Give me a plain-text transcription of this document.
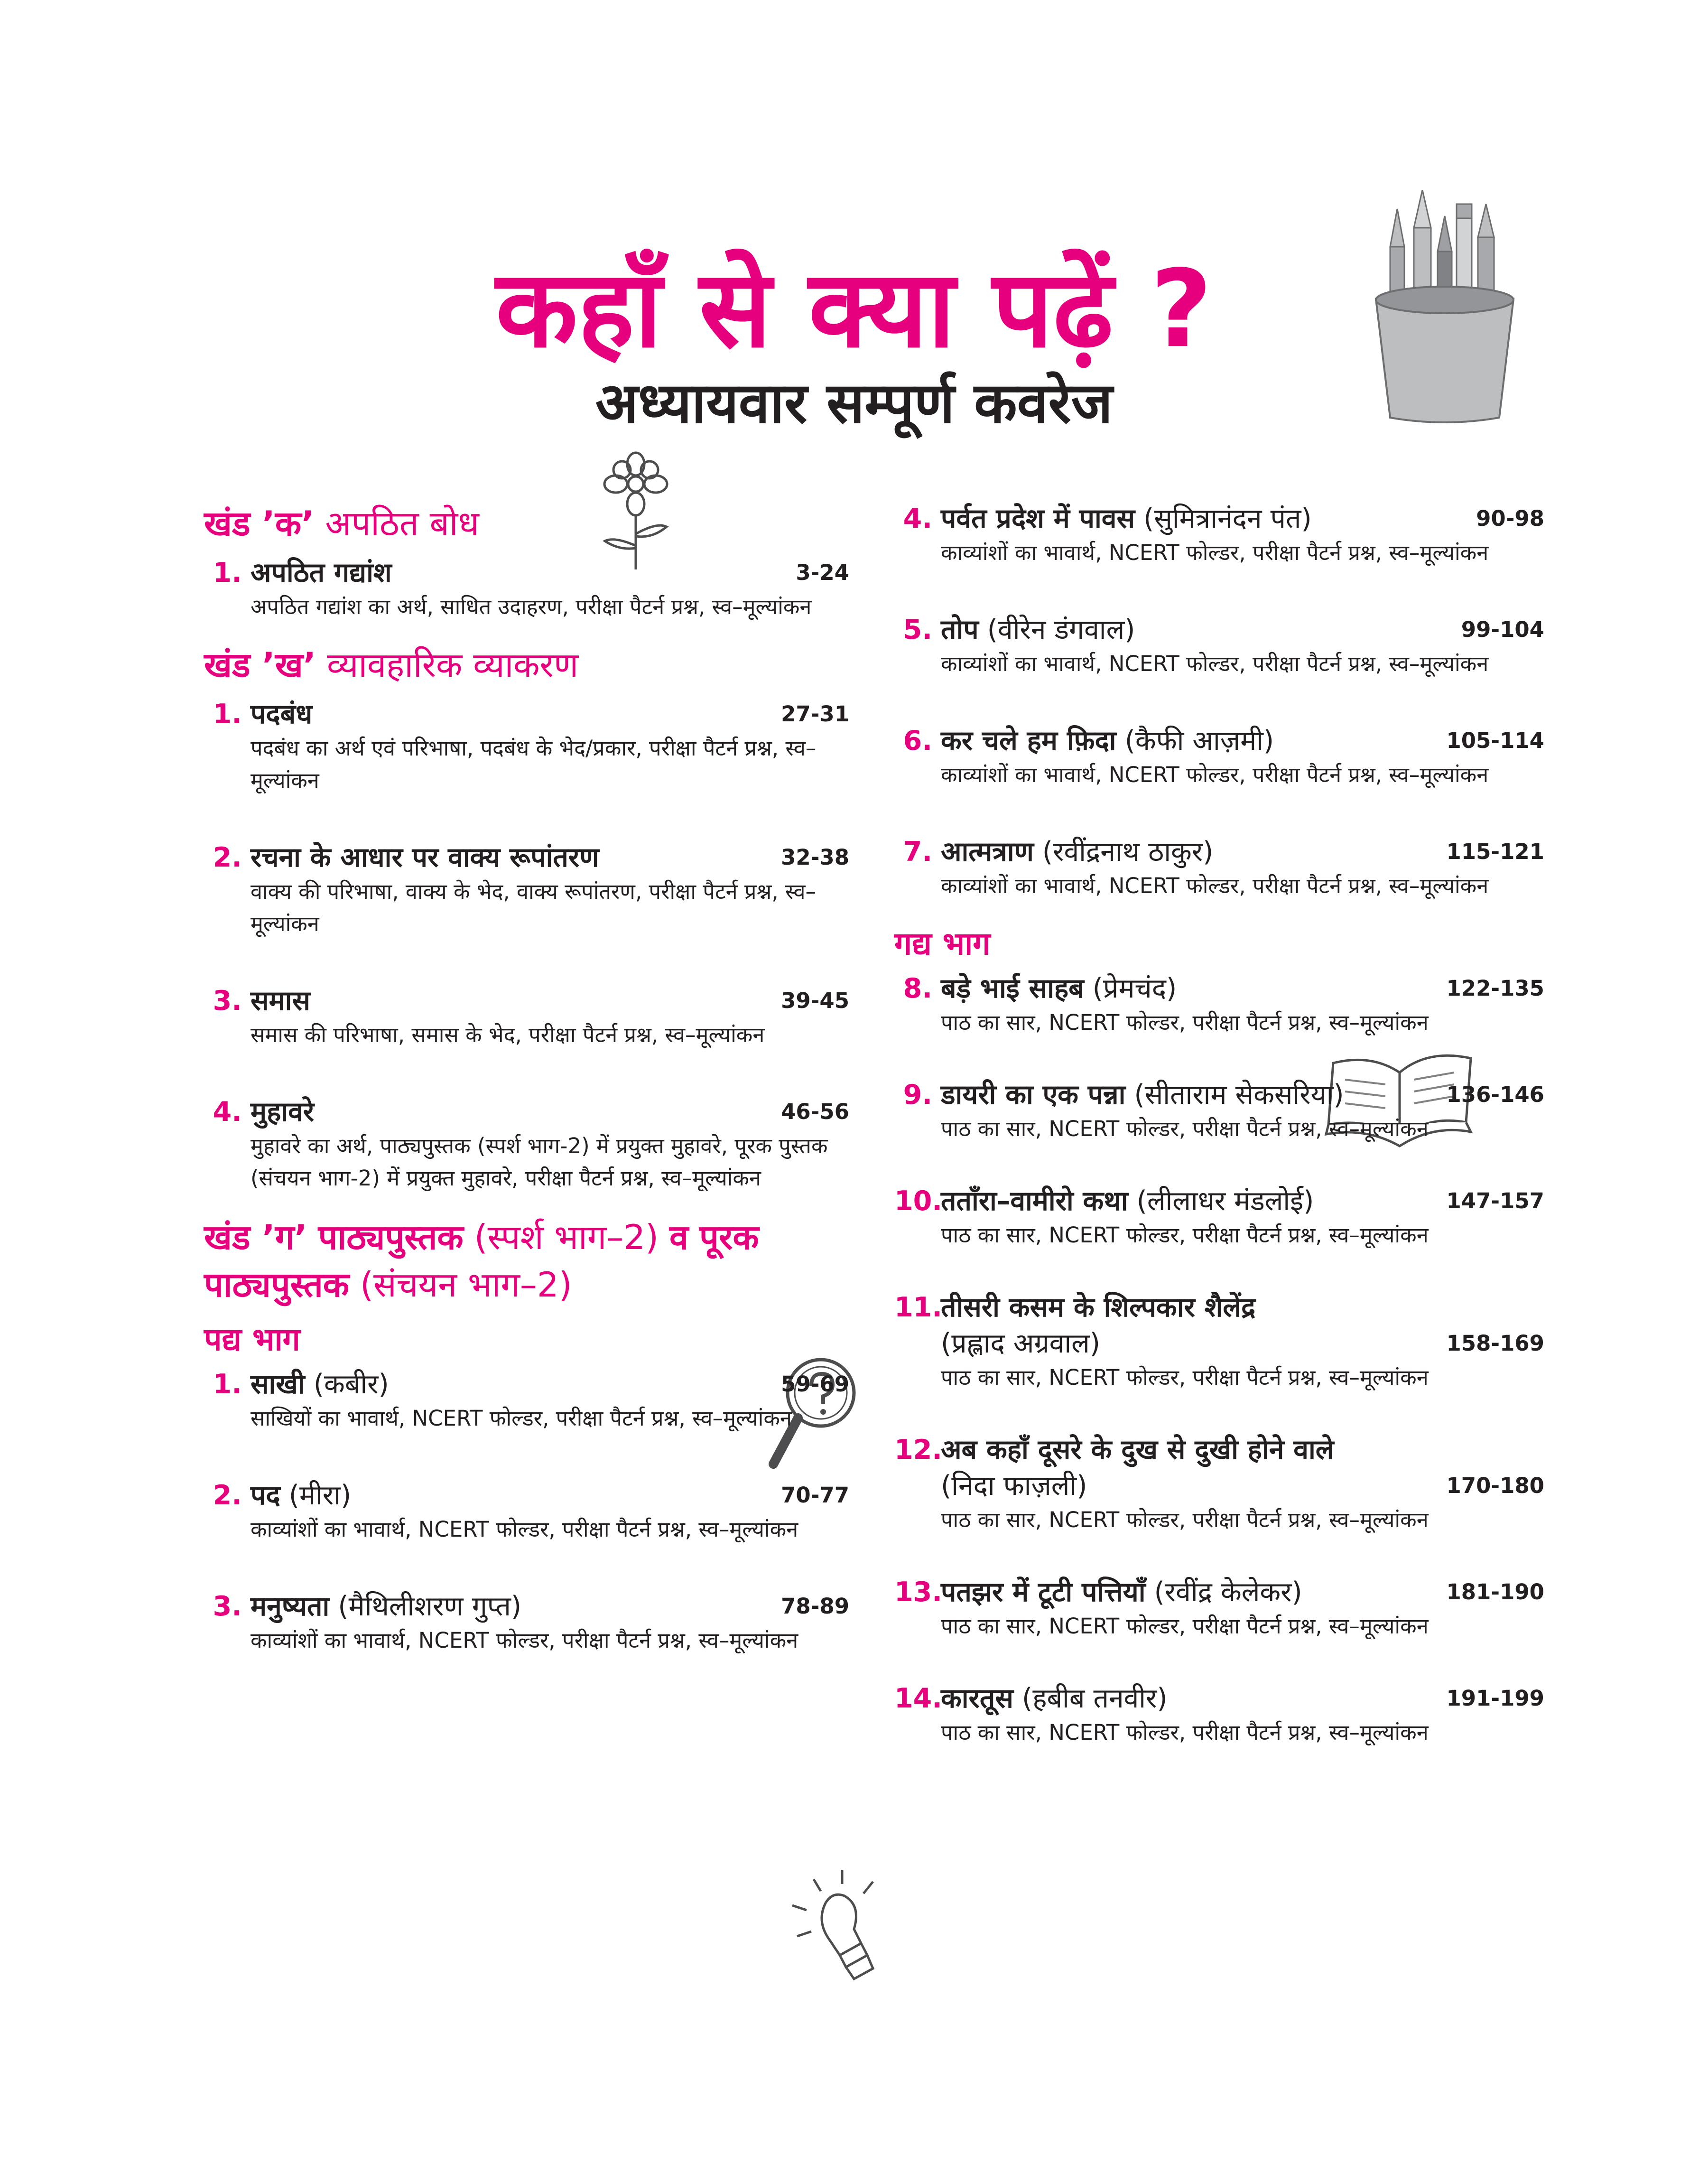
कहाँ से क्या पढ़ें ?
अध्यायवार सम्पूर्ण कवरेज
खंड ’क’ अपठित बोध
1. अपठित गद्यांश	3-24
अपठित गद्यांश का अर्थ, साधित उदाहरण, परीक्षा पैटर्न प्रश्न, स्व–मूल्यांकन
खंड ’ख’ व्यावहारिक व्याकरण
1. पदबंध	27-31
पदबंध का अर्थ एवं परिभाषा, पदबंध के भेद/प्रकार, परीक्षा पैटर्न प्रश्न, स्व–मूल्यांकन
2. रचना के आधार पर वाक्य रूपांतरण	32-38
वाक्य की परिभाषा, वाक्य के भेद, वाक्य रूपांतरण, परीक्षा पैटर्न प्रश्न, स्व–मूल्यांकन
3. समास	39-45
समास की परिभाषा, समास के भेद, परीक्षा पैटर्न प्रश्न, स्व–मूल्यांकन
4. मुहावरे	46-56
मुहावरे का अर्थ, पाठ्यपुस्तक (स्पर्श भाग-2) में प्रयुक्त मुहावरे, पूरक पुस्तक (संचयन भाग-2) में प्रयुक्त मुहावरे, परीक्षा पैटर्न प्रश्न, स्व–मूल्यांकन
खंड ’ग’ पाठ्यपुस्तक (स्पर्श भाग–2) व पूरक पाठ्यपुस्तक (संचयन भाग–2)
पद्य भाग
1. साखी (कबीर)	59-69
साखियों का भावार्थ, NCERT फोल्डर, परीक्षा पैटर्न प्रश्न, स्व–मूल्यांकन
2. पद (मीरा)	70-77
काव्यांशों का भावार्थ, NCERT फोल्डर, परीक्षा पैटर्न प्रश्न, स्व–मूल्यांकन
3. मनुष्यता (मैथिलीशरण गुप्त)	78-89
काव्यांशों का भावार्थ, NCERT फोल्डर, परीक्षा पैटर्न प्रश्न, स्व–मूल्यांकन
4. पर्वत प्रदेश में पावस (सुमित्रानंदन पंत)	90-98
काव्यांशों का भावार्थ, NCERT फोल्डर, परीक्षा पैटर्न प्रश्न, स्व–मूल्यांकन
5. तोप (वीरेन डंगवाल)	99-104
काव्यांशों का भावार्थ, NCERT फोल्डर, परीक्षा पैटर्न प्रश्न, स्व–मूल्यांकन
6. कर चले हम फ़िदा (कैफी आज़मी)	105-114
काव्यांशों का भावार्थ, NCERT फोल्डर, परीक्षा पैटर्न प्रश्न, स्व–मूल्यांकन
7. आत्मत्राण (रवींद्रनाथ ठाकुर)	115-121
काव्यांशों का भावार्थ, NCERT फोल्डर, परीक्षा पैटर्न प्रश्न, स्व–मूल्यांकन
गद्य भाग
8. बड़े भाई साहब (प्रेमचंद)	122-135
पाठ का सार, NCERT फोल्डर, परीक्षा पैटर्न प्रश्न, स्व–मूल्यांकन
9. डायरी का एक पन्ना (सीताराम सेकसरिया)	136-146
पाठ का सार, NCERT फोल्डर, परीक्षा पैटर्न प्रश्न, स्व–मूल्यांकन
10.
तताँरा–वामीरो कथा (लीलाधर मंडलोई)	147-157
पाठ का सार, NCERT फोल्डर, परीक्षा पैटर्न प्रश्न, स्व–मूल्यांकन
11.
तीसरी कसम के शिल्पकार शैलेंद्र
(प्रह्लाद अग्रवाल)	158-169
पाठ का सार, NCERT फोल्डर, परीक्षा पैटर्न प्रश्न, स्व–मूल्यांकन
12.
अब कहाँ दूसरे के दुख से दुखी होने वाले
(निदा फाज़ली)	170-180
पाठ का सार, NCERT फोल्डर, परीक्षा पैटर्न प्रश्न, स्व–मूल्यांकन
13.
पतझर में टूटी पत्तियाँ (रवींद्र केलेकर)	181-190
पाठ का सार, NCERT फोल्डर, परीक्षा पैटर्न प्रश्न, स्व–मूल्यांकन
14.
कारतूस (हबीब तनवीर)	191-199
पाठ का सार, NCERT फोल्डर, परीक्षा पैटर्न प्रश्न, स्व–मूल्यांकन
